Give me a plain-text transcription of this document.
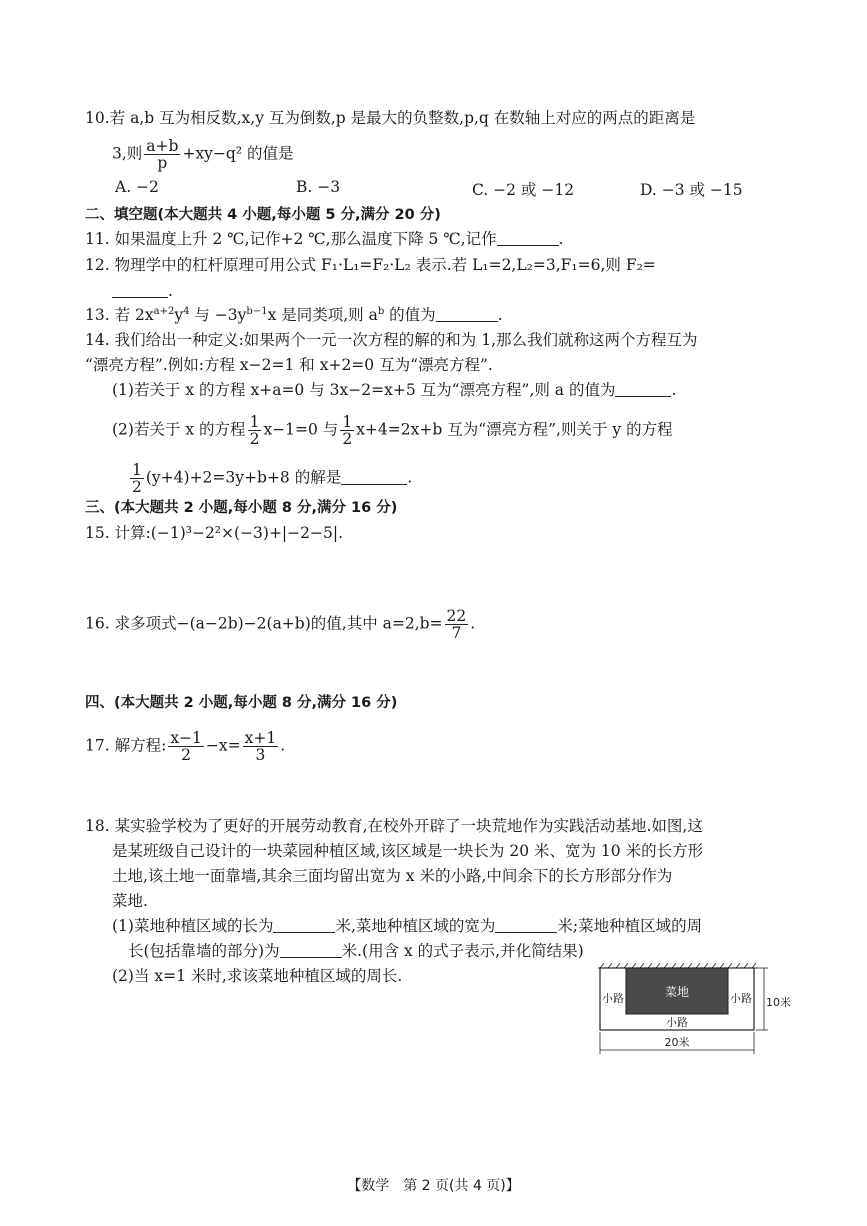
10.若 a,b 互为相反数,x,y 互为倒数,p 是最大的负整数,p,q 在数轴上对应的两点的距离是
3,则 $\frac{a+b}{p} +xy-q^2$ 的值是
A. −2	B. −3	C. −2 或 −12	D. −3 或 −15
二、填空题(本大题共 4 小题,每小题 5 分,满分 20 分)
11. 如果温度上升 2 ℃,记作+2 ℃,那么温度下降 5 ℃,记作	.
12. 物理学中的杠杆原理可用公式 F₁·L₁=F₂·L₂ 表示.若 L₁=2,L₂=3,F₁=6,则 F₂=
.
13. 若 $2x^{a+2}y^4$ 与 $-3y^{b-1}x$ 是同类项,则 $a^b$ 的值为	.
14. 我们给出一种定义:如果两个一元一次方程的解的和为 1,那么我们就称这两个方程互为
“漂亮方程”.例如:方程 x−2=1 和 x+2=0 互为“漂亮方程”.
(1)若关于 x 的方程 x+a=0 与 3x−2=x+5 互为“漂亮方程”,则 a 的值为	.
(2)若关于 x 的方程 $\frac{1}{2} x-1=0$ 与 $\frac{1}{2} x+4=2x+b$ 互为“漂亮方程”,则关于 y 的方程
$\frac{1}{2} (y+4)+2=3y+b+8$ 的解是	.
三、(本大题共 2 小题,每小题 8 分,满分 16 分)
15. 计算:(−1)³−2²×(−3)+|−2−5|.
16. 求多项式−(a−2b)−2(a+b)的值,其中 $a=2,b= \frac{22}{7}$ .
四、(本大题共 2 小题,每小题 8 分,满分 16 分)
17. 解方程: $\frac{x-1}{2} -x= \frac{x+1}{3}$ .
18. 某实验学校为了更好的开展劳动教育,在校外开辟了一块荒地作为实践活动基地.如图,这
是某班级自己设计的一块菜园种植区域,该区域是一块长为 20 米、宽为 10 米的长方形
土地,该土地一面靠墙,其余三面均留出宽为 x 米的小路,中间余下的长方形部分作为
菜地.
(1)菜地种植区域的长为	米,菜地种植区域的宽为	米;菜地种植区域的周
长(包括靠墙的部分)为	米.(用含 x 的式子表示,并化简结果)
(2)当 x=1 米时,求该菜地种植区域的周长.
菜地
小路	小路
小路
20米
10米
【数学　第 2 页(共 4 页)】
